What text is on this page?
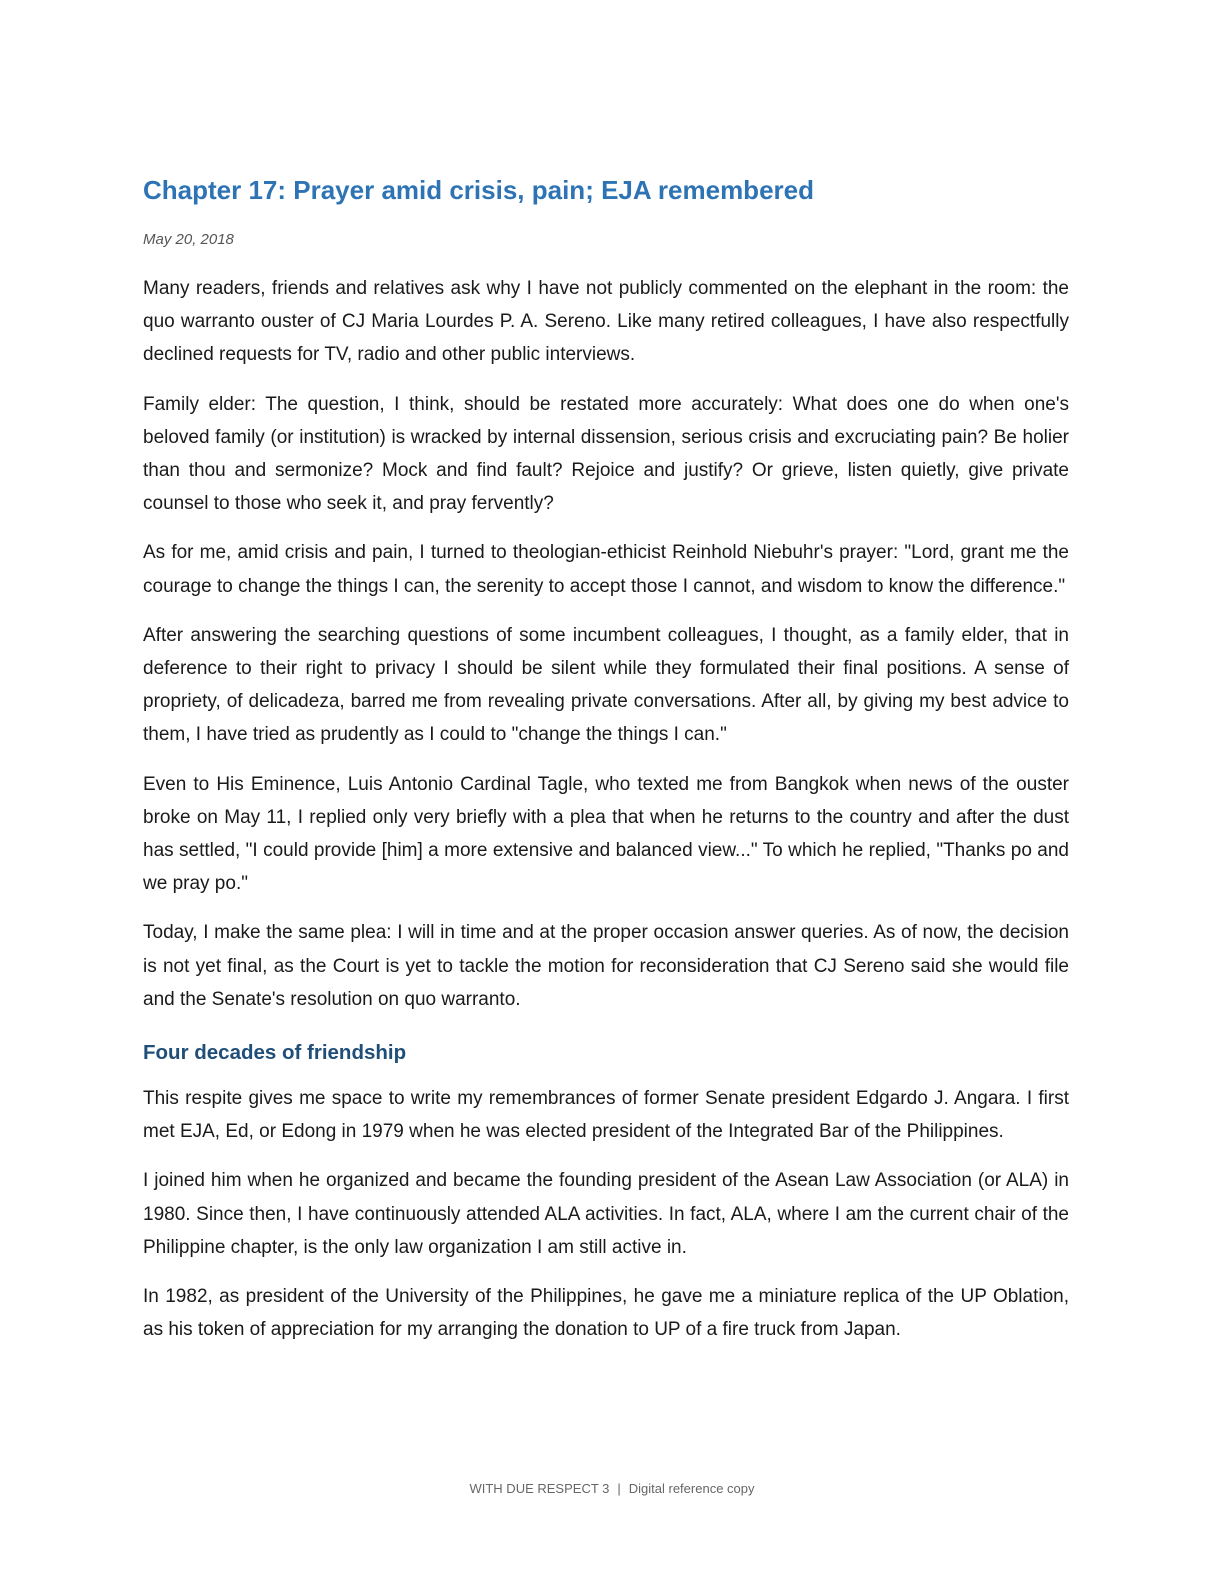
Chapter 17: Prayer amid crisis, pain; EJA remembered
May 20, 2018

Many readers, friends and relatives ask why I have not publicly commented on the elephant in the room: the quo warranto ouster of CJ Maria Lourdes P. A. Sereno. Like many retired colleagues, I have also respectfully declined requests for TV, radio and other public interviews.

Family elder: The question, I think, should be restated more accurately: What does one do when one's beloved family (or institution) is wracked by internal dissension, serious crisis and excruciating pain? Be holier than thou and sermonize? Mock and find fault? Rejoice and justify? Or grieve, listen quietly, give private counsel to those who seek it, and pray fervently?

As for me, amid crisis and pain, I turned to theologian-ethicist Reinhold Niebuhr's prayer: "Lord, grant me the courage to change the things I can, the serenity to accept those I cannot, and wisdom to know the difference."

After answering the searching questions of some incumbent colleagues, I thought, as a family elder, that in deference to their right to privacy I should be silent while they formulated their final positions. A sense of propriety, of delicadeza, barred me from revealing private conversations. After all, by giving my best advice to them, I have tried as prudently as I could to "change the things I can."

Even to His Eminence, Luis Antonio Cardinal Tagle, who texted me from Bangkok when news of the ouster broke on May 11, I replied only very briefly with a plea that when he returns to the country and after the dust has settled, "I could provide [him] a more extensive and balanced view..." To which he replied, "Thanks po and we pray po."

Today, I make the same plea: I will in time and at the proper occasion answer queries. As of now, the decision is not yet final, as the Court is yet to tackle the motion for reconsideration that CJ Sereno said she would file and the Senate's resolution on quo warranto.

Four decades of friendship

This respite gives me space to write my remembrances of former Senate president Edgardo J. Angara. I first met EJA, Ed, or Edong in 1979 when he was elected president of the Integrated Bar of the Philippines.

I joined him when he organized and became the founding president of the Asean Law Association (or ALA) in 1980. Since then, I have continuously attended ALA activities. In fact, ALA, where I am the current chair of the Philippine chapter, is the only law organization I am still active in.

In 1982, as president of the University of the Philippines, he gave me a miniature replica of the UP Oblation, as his token of appreciation for my arranging the donation to UP of a fire truck from Japan.

WITH DUE RESPECT 3 | Digital reference copy
